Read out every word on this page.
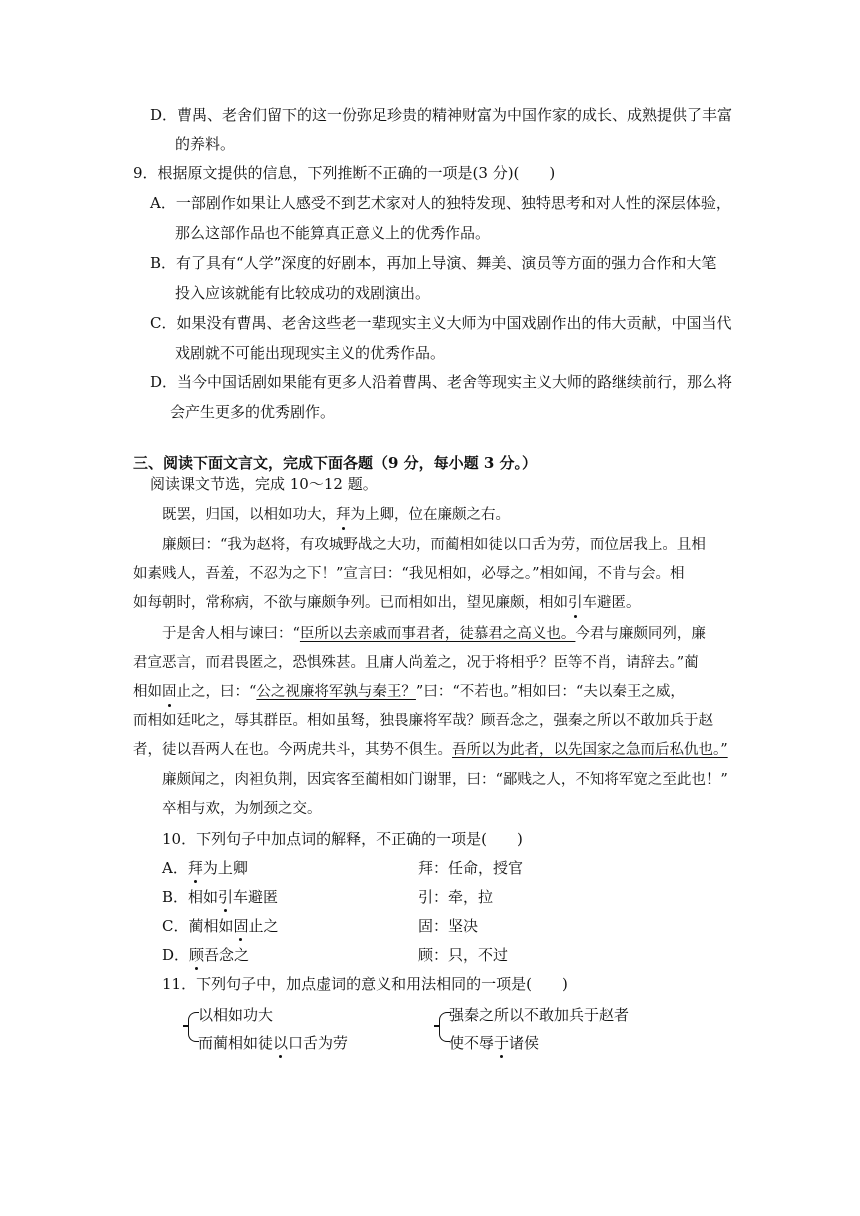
D．曹禺、老舍们留下的这一份弥足珍贵的精神财富为中国作家的成长、成熟提供了丰富
的养料。
9．根据原文提供的信息，下列推断不正确的一项是(3 分)(　　)
A．一部剧作如果让人感受不到艺术家对人的独特发现、独特思考和对人性的深层体验，
那么这部作品也不能算真正意义上的优秀作品。
B．有了具有“人学”深度的好剧本，再加上导演、舞美、演员等方面的强力合作和大笔
投入应该就能有比较成功的戏剧演出。
C．如果没有曹禺、老舍这些老一辈现实主义大师为中国戏剧作出的伟大贡献，中国当代
戏剧就不可能出现现实主义的优秀作品。
D．当今中国话剧如果能有更多人沿着曹禺、老舍等现实主义大师的路继续前行，那么将
会产生更多的优秀剧作。
三、阅读下面文言文，完成下面各题（9 分，每小题 3 分。）
阅读课文节选，完成 10～12 题。
既罢，归国，以相如功大，拜为上卿，位在廉颇之右。
廉颇曰：“我为赵将，有攻城野战之大功，而蔺相如徒以口舌为劳，而位居我上。且相
如素贱人，吾羞，不忍为之下！”宣言曰：“我见相如，必辱之。”相如闻，不肯与会。相
如每朝时，常称病，不欲与廉颇争列。已而相如出，望见廉颇，相如引车避匿。
于是舍人相与谏曰：“臣所以去亲戚而事君者，徒慕君之高义也。今君与廉颇同列，廉
君宣恶言，而君畏匿之，恐惧殊甚。且庸人尚羞之，况于将相乎？臣等不肖，请辞去。”蔺
相如固止之，曰：“公之视廉将军孰与秦王？”曰：“不若也。”相如曰：“夫以秦王之威，
而相如廷叱之，辱其群臣。相如虽驽，独畏廉将军哉？顾吾念之，强秦之所以不敢加兵于赵
者，徒以吾两人在也。今两虎共斗，其势不俱生。吾所以为此者，以先国家之急而后私仇也。”
廉颇闻之，肉袒负荆，因宾客至蔺相如门谢罪，曰：“鄙贱之人，不知将军宽之至此也！”
卒相与欢，为刎颈之交。
10．下列句子中加点词的解释，不正确的一项是(　　)
A．拜为上卿	拜：任命，授官
B．相如引车避匿	引：牵，拉
C．蔺相如固止之	固：坚决
D．顾吾念之	顾：只，不过
11．下列句子中，加点虚词的意义和用法相同的一项是(　　)
以相如功大
而蔺相如徒以口舌为劳
强秦之所以不敢加兵于赵者
使不辱于诸侯
